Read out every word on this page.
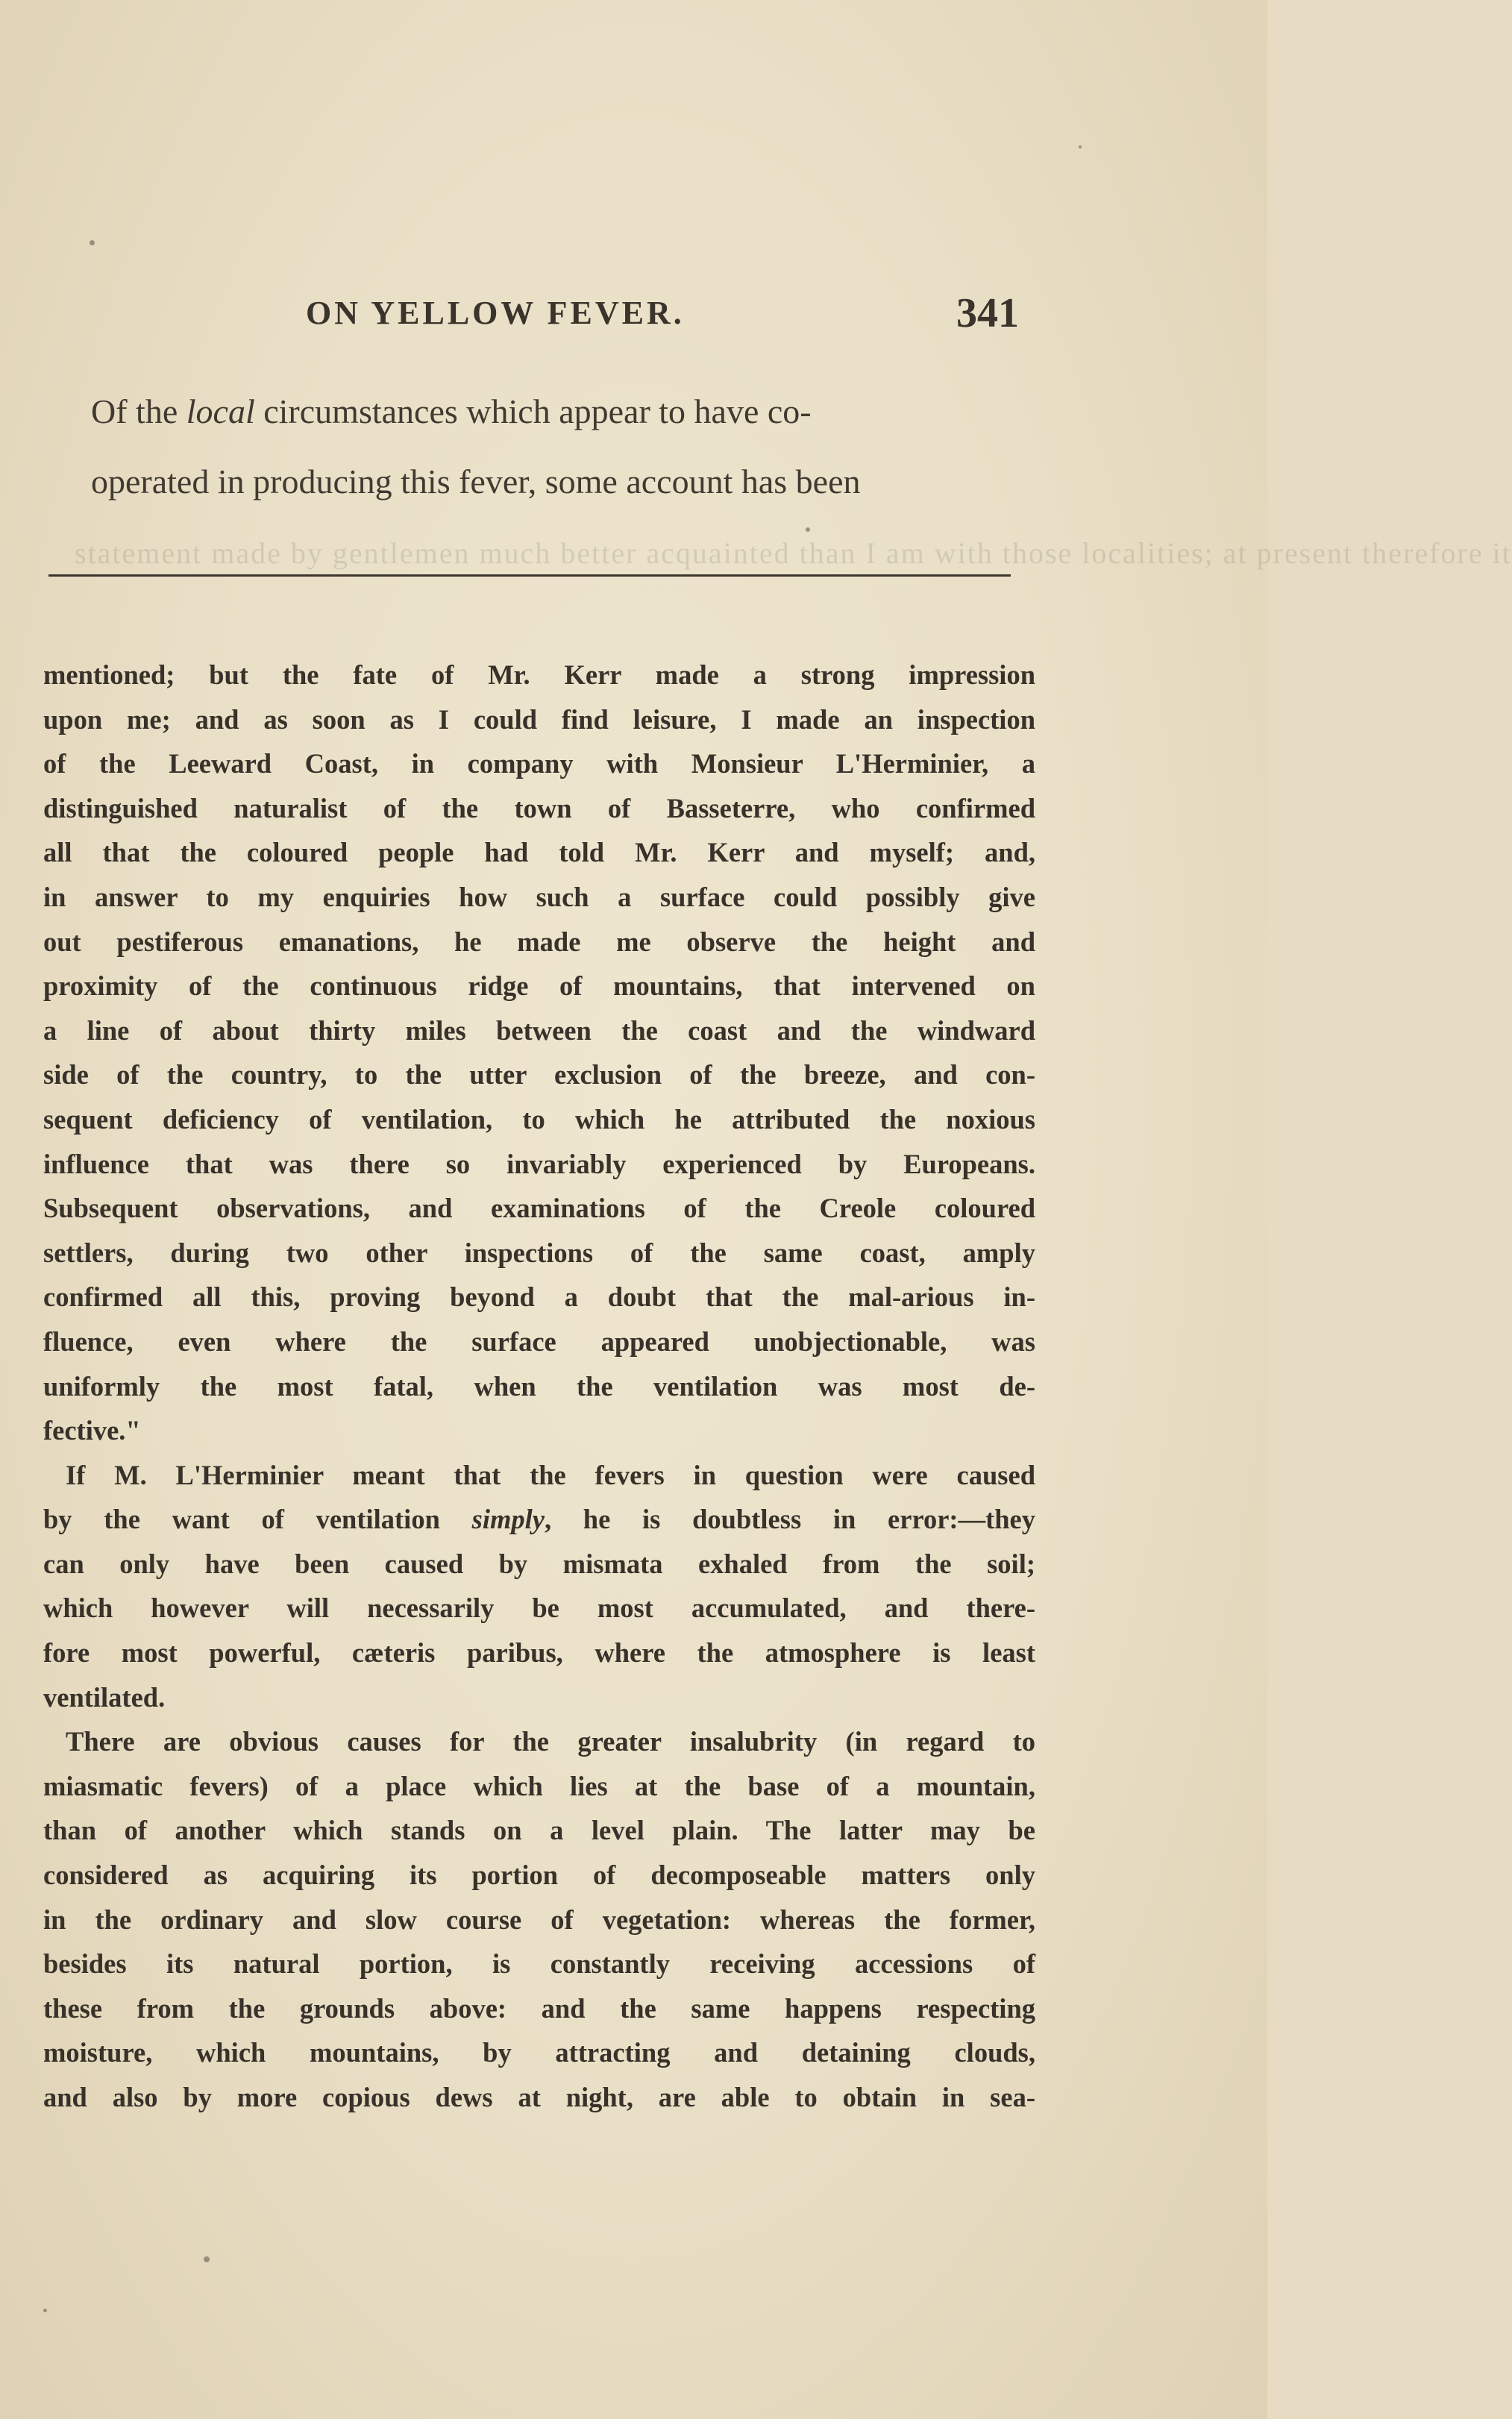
ON YELLOW FEVER.	341
Of the local circumstances which appear to have co-
operated in producing this fever, some account has been
statement made by gentlemen much better acquainted than I am with those localities; at present therefore it
mentioned; but the fate of Mr. Kerr made a strong impression
upon me; and as soon as I could find leisure, I made an inspection
of the Leeward Coast, in company with Monsieur L'Herminier, a
distinguished naturalist of the town of Basseterre, who confirmed
all that the coloured people had told Mr. Kerr and myself; and,
in answer to my enquiries how such a surface could possibly give
out pestiferous emanations, he made me observe the height and
proximity of the continuous ridge of mountains, that intervened on
a line of about thirty miles between the coast and the windward
side of the country, to the utter exclusion of the breeze, and con-
sequent deficiency of ventilation, to which he attributed the noxious
influence that was there so invariably experienced by Europeans.
Subsequent observations, and examinations of the Creole coloured
settlers, during two other inspections of the same coast, amply
confirmed all this, proving beyond a doubt that the mal-arious in-
fluence, even where the surface appeared unobjectionable, was
uniformly the most fatal, when the ventilation was most de-
fective."
If M. L'Herminier meant that the fevers in question were caused
by the want of ventilation simply, he is doubtless in error:—they
can only have been caused by mismata exhaled from the soil;
which however will necessarily be most accumulated, and there-
fore most powerful, cæteris paribus, where the atmosphere is least
ventilated.
There are obvious causes for the greater insalubrity (in regard to
miasmatic fevers) of a place which lies at the base of a mountain,
than of another which stands on a level plain. The latter may be
considered as acquiring its portion of decomposeable matters only
in the ordinary and slow course of vegetation: whereas the former,
besides its natural portion, is constantly receiving accessions of
these from the grounds above: and the same happens respecting
moisture, which mountains, by attracting and detaining clouds,
and also by more copious dews at night, are able to obtain in sea-
